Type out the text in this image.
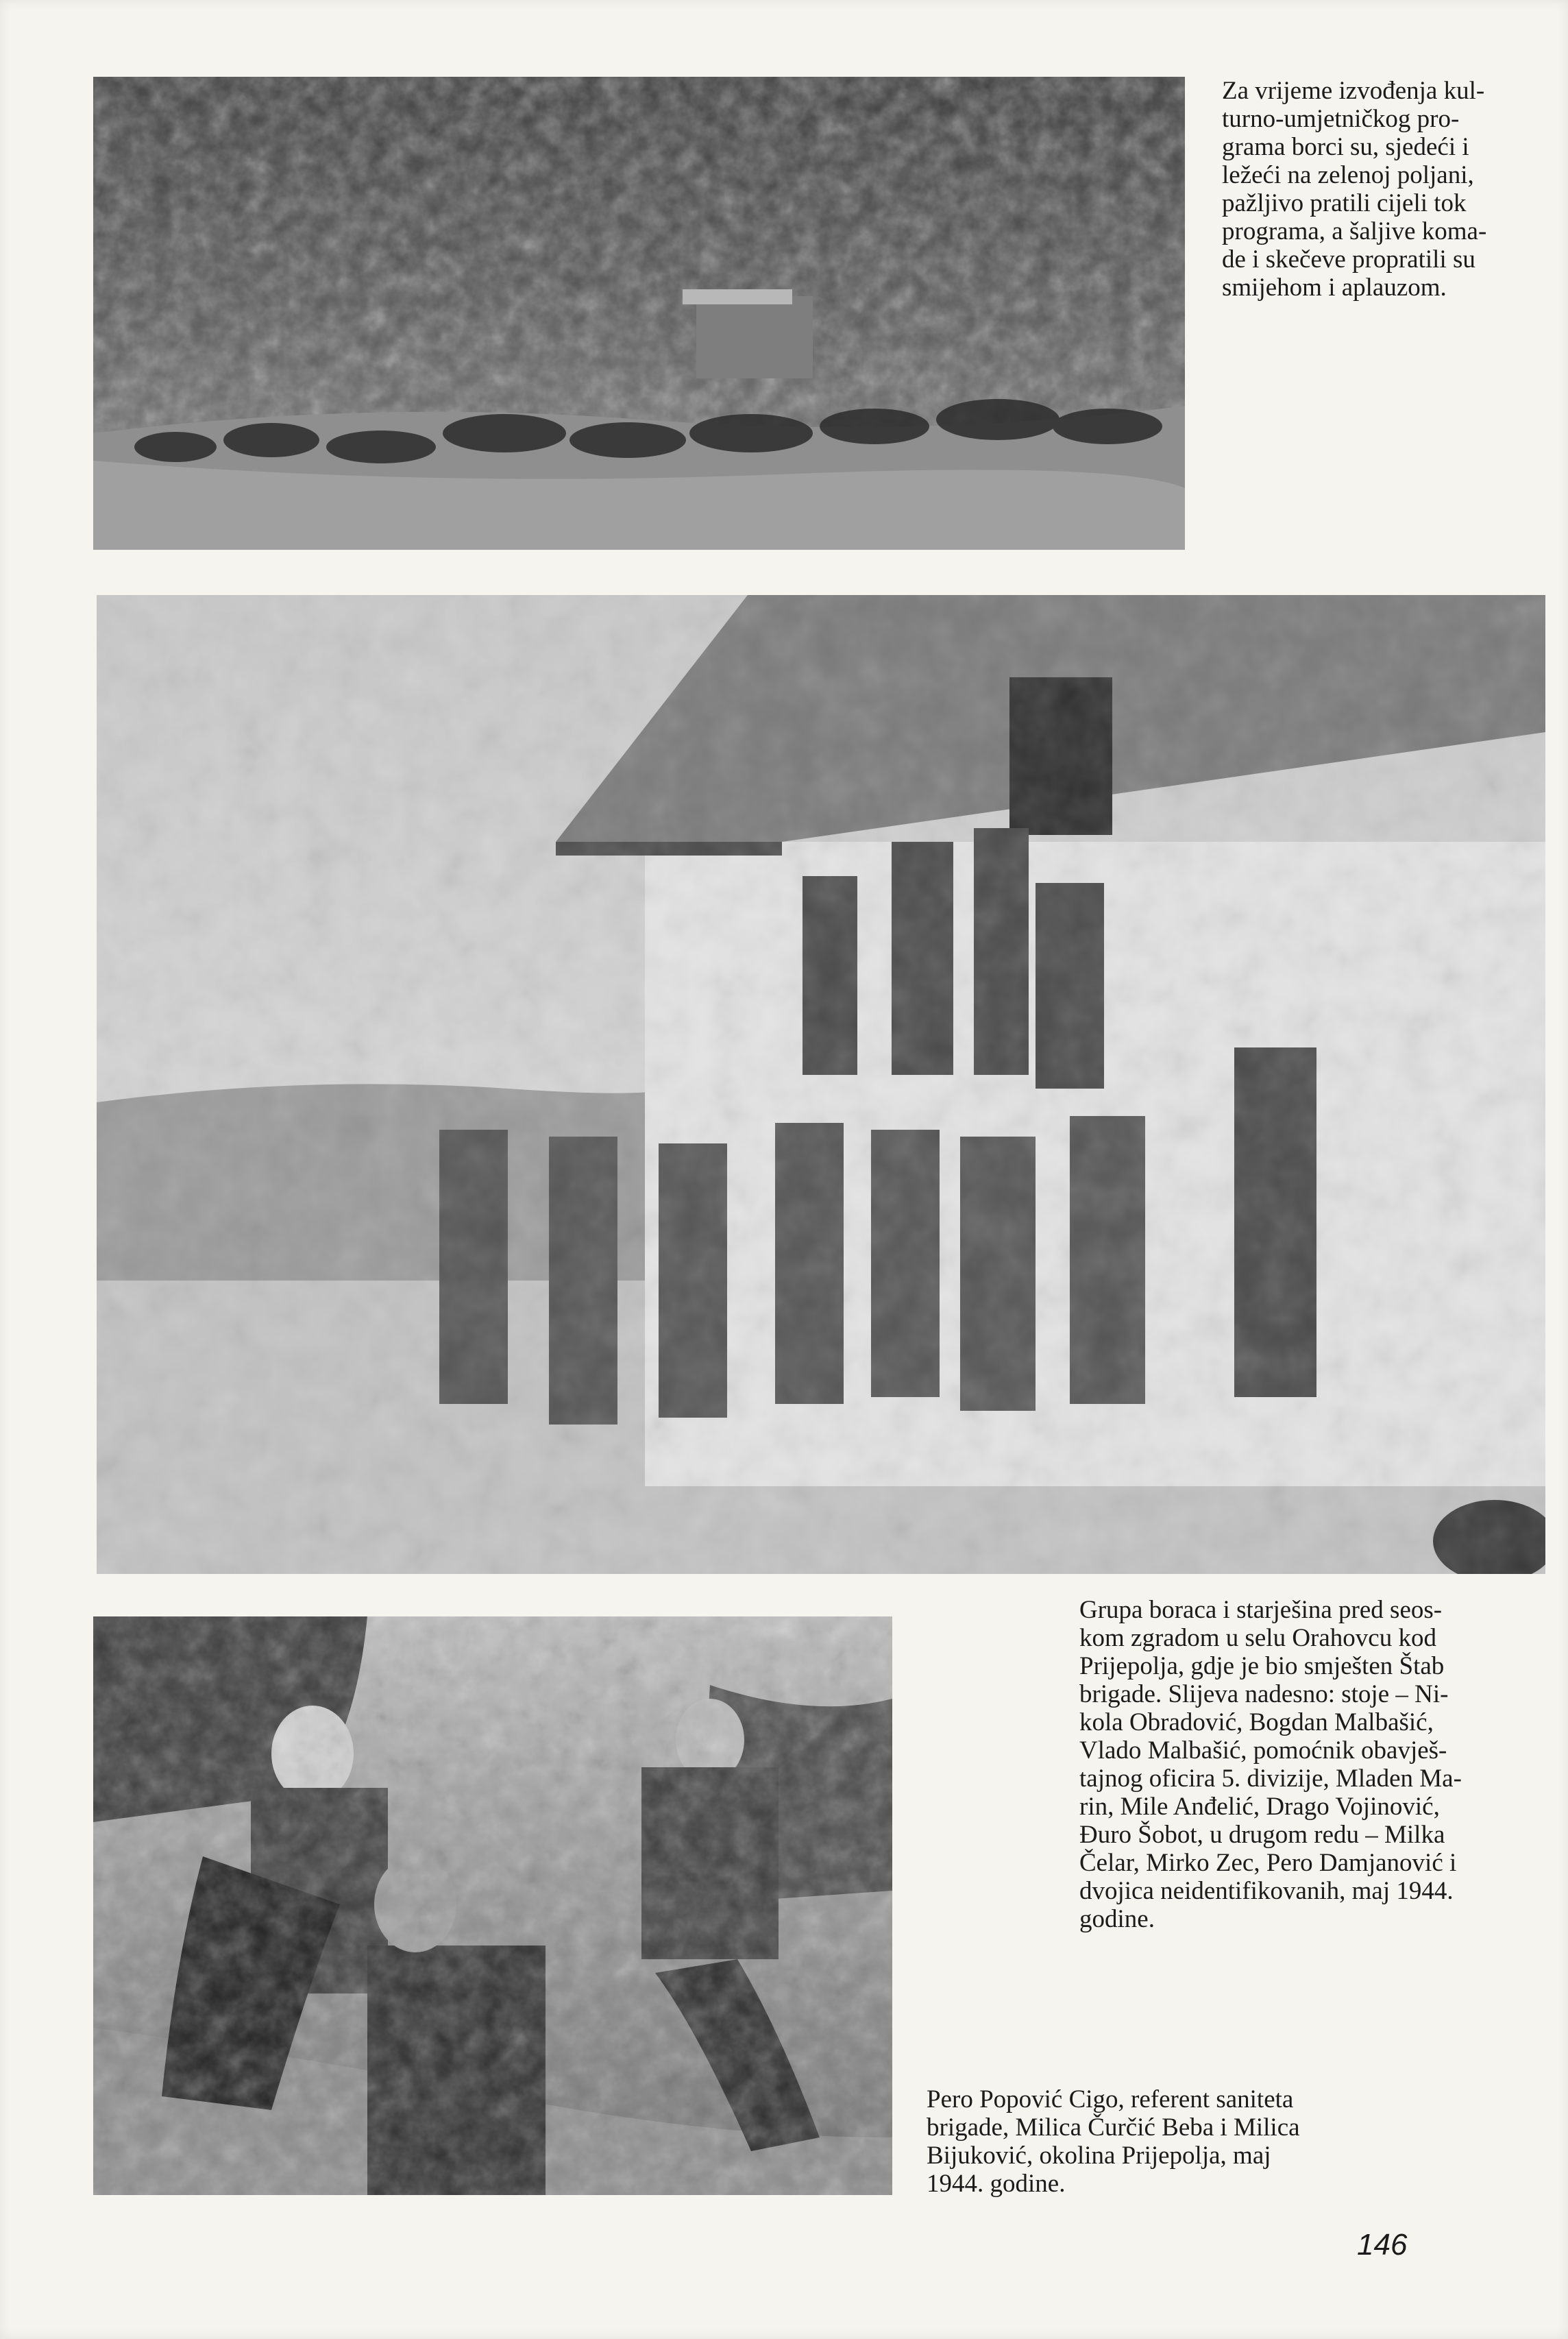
Za vrijeme izvođenja kul-
turno-umjetničkog pro-
grama borci su, sjedeći i
ležeći na zelenoj poljani,
pažljivo pratili cijeli tok
programa, a šaljive koma-
de i skečeve propratili su
smijehom i aplauzom.
Grupa boraca i starješina pred seos-
kom zgradom u selu Orahovcu kod
Prijepolja, gdje je bio smješten Štab
brigade. Slijeva nadesno: stoje – Ni-
kola Obradović, Bogdan Malbašić,
Vlado Malbašić, pomoćnik obavješ-
tajnog oficira 5. divizije, Mladen Ma-
rin, Mile Anđelić, Drago Vojinović,
Đuro Šobot, u drugom redu – Milka
Čelar, Mirko Zec, Pero Damjanović i
dvojica neidentifikovanih, maj 1944.
godine.
Pero Popović Cigo, referent saniteta
brigade, Milica Čurčić Beba i Milica
Bijuković, okolina Prijepolja, maj
1944. godine.
146
